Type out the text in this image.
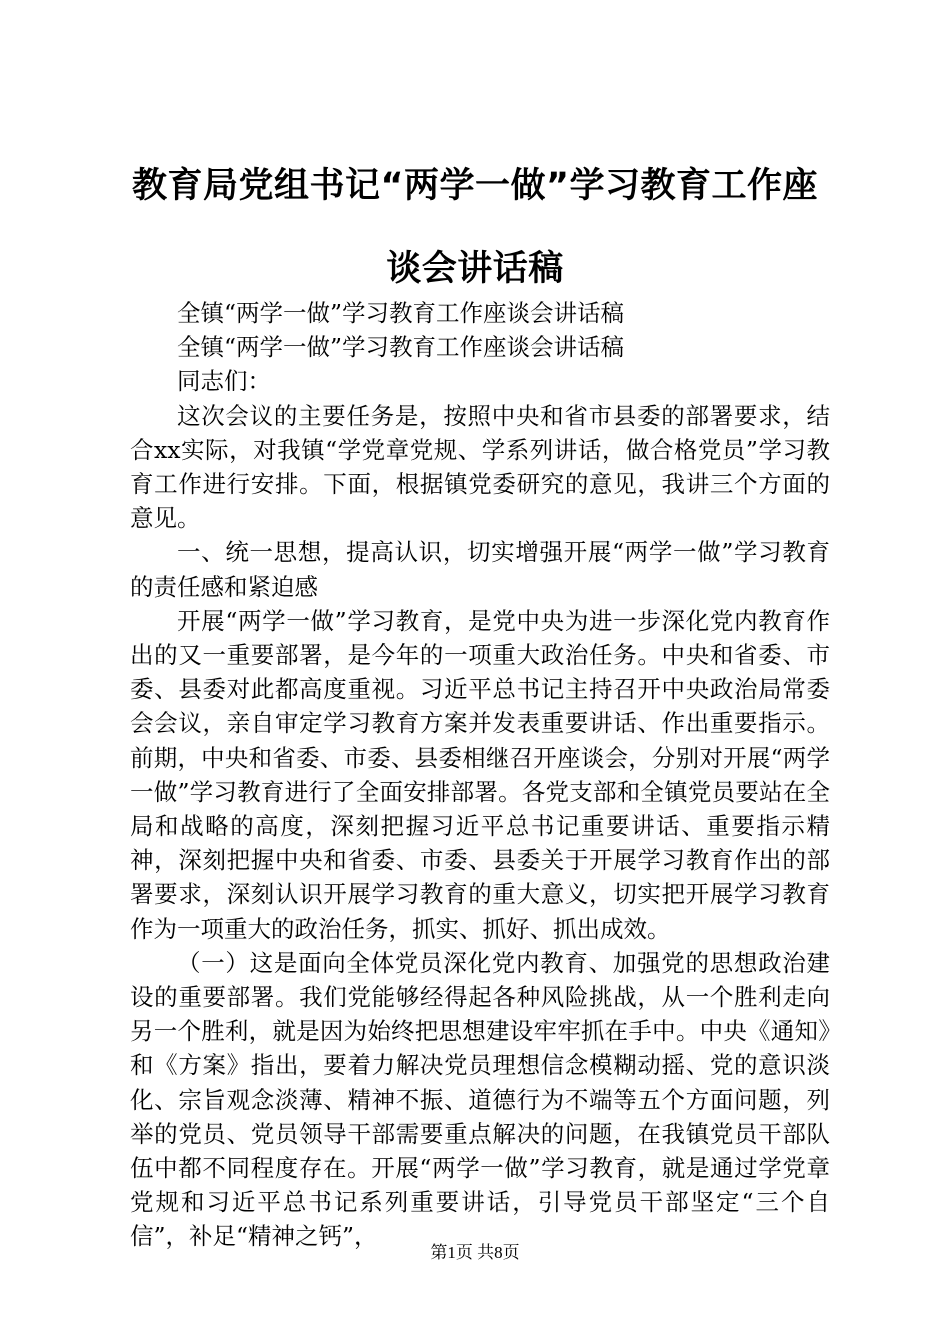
教育局党组书记“两学一做”学习教育工作座
谈会讲话稿

全镇“两学一做”学习教育工作座谈会讲话稿

全镇“两学一做”学习教育工作座谈会讲话稿

同志们：

这次会议的主要任务是，按照中央和省市县委的部署要求，结合xx实际，对我镇“学党章党规、学系列讲话，做合格党员”学习教育工作进行安排。下面，根据镇党委研究的意见，我讲三个方面的意见。

一、统一思想，提高认识，切实增强开展“两学一做”学习教育的责任感和紧迫感

开展“两学一做”学习教育，是党中央为进一步深化党内教育作出的又一重要部署，是今年的一项重大政治任务。中央和省委、市委、县委对此都高度重视。习近平总书记主持召开中央政治局常委会会议，亲自审定学习教育方案并发表重要讲话、作出重要指示。前期，中央和省委、市委、县委相继召开座谈会，分别对开展“两学一做”学习教育进行了全面安排部署。各党支部和全镇党员要站在全局和战略的高度，深刻把握习近平总书记重要讲话、重要指示精神，深刻把握中央和省委、市委、县委关于开展学习教育作出的部署要求，深刻认识开展学习教育的重大意义，切实把开展学习教育作为一项重大的政治任务，抓实、抓好、抓出成效。

（一）这是面向全体党员深化党内教育、加强党的思想政治建设的重要部署。我们党能够经得起各种风险挑战，从一个胜利走向另一个胜利，就是因为始终把思想建设牢牢抓在手中。中央《通知》和《方案》指出，要着力解决党员理想信念模糊动摇、党的意识淡化、宗旨观念淡薄、精神不振、道德行为不端等五个方面问题，列举的党员、党员领导干部需要重点解决的问题，在我镇党员干部队伍中都不同程度存在。开展“两学一做”学习教育，就是通过学党章党规和习近平总书记系列重要讲话，引导党员干部坚定“三个自信”，补足“精神之钙”，

第1页 共8页
